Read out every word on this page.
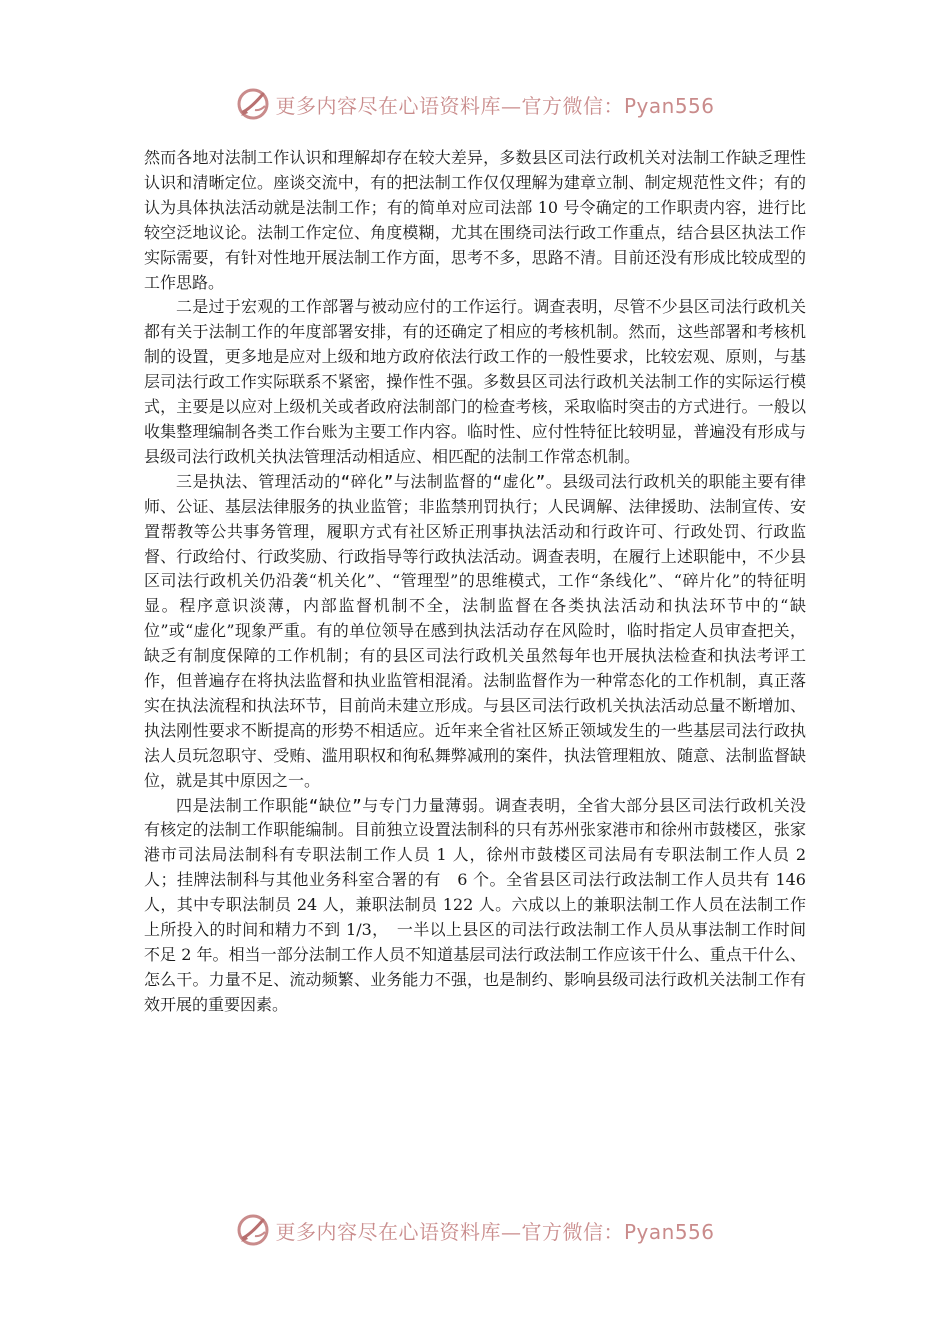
更多内容尽在心语资料库—官方微信：Pyan556

然而各地对法制工作认识和理解却存在较大差异，多数县区司法行政机关对法制工作缺乏理性认识和清晰定位。座谈交流中，有的把法制工作仅仅理解为建章立制、制定规范性文件；有的认为具体执法活动就是法制工作；有的简单对应司法部 10 号令确定的工作职责内容，进行比较空泛地议论。法制工作定位、角度模糊，尤其在围绕司法行政工作重点，结合县区执法工作实际需要，有针对性地开展法制工作方面，思考不多，思路不清。目前还没有形成比较成型的工作思路。

二是过于宏观的工作部署与被动应付的工作运行。调查表明，尽管不少县区司法行政机关都有关于法制工作的年度部署安排，有的还确定了相应的考核机制。然而，这些部署和考核机制的设置，更多地是应对上级和地方政府依法行政工作的一般性要求，比较宏观、原则，与基层司法行政工作实际联系不紧密，操作性不强。多数县区司法行政机关法制工作的实际运行模式，主要是以应对上级机关或者政府法制部门的检查考核，采取临时突击的方式进行。一般以收集整理编制各类工作台账为主要工作内容。临时性、应付性特征比较明显，普遍没有形成与县级司法行政机关执法管理活动相适应、相匹配的法制工作常态机制。

三是执法、管理活动的“碎化”与法制监督的“虚化”。县级司法行政机关的职能主要有律师、公证、基层法律服务的执业监管；非监禁刑罚执行；人民调解、法律援助、法制宣传、安置帮教等公共事务管理，履职方式有社区矫正刑事执法活动和行政许可、行政处罚、行政监督、行政给付、行政奖励、行政指导等行政执法活动。调查表明，在履行上述职能中，不少县区司法行政机关仍沿袭“机关化”、“管理型”的思维模式，工作“条线化”、“碎片化”的特征明显。程序意识淡薄，内部监督机制不全，法制监督在各类执法活动和执法环节中的“缺位”或“虚化”现象严重。有的单位领导在感到执法活动存在风险时，临时指定人员审查把关，缺乏有制度保障的工作机制；有的县区司法行政机关虽然每年也开展执法检查和执法考评工作，但普遍存在将执法监督和执业监管相混淆。法制监督作为一种常态化的工作机制，真正落实在执法流程和执法环节，目前尚未建立形成。与县区司法行政机关执法活动总量不断增加、执法刚性要求不断提高的形势不相适应。近年来全省社区矫正领域发生的一些基层司法行政执法人员玩忽职守、受贿、滥用职权和徇私舞弊减刑的案件，执法管理粗放、随意、法制监督缺位，就是其中原因之一。

四是法制工作职能“缺位”与专门力量薄弱。调查表明，全省大部分县区司法行政机关没有核定的法制工作职能编制。目前独立设置法制科的只有苏州张家港市和徐州市鼓楼区，张家港市司法局法制科有专职法制工作人员 1 人，徐州市鼓楼区司法局有专职法制工作人员 2 人；挂牌法制科与其他业务科室合署的有　6 个。全省县区司法行政法制工作人员共有 146 人，其中专职法制员 24 人，兼职法制员 122 人。六成以上的兼职法制工作人员在法制工作上所投入的时间和精力不到 1/3，　一半以上县区的司法行政法制工作人员从事法制工作时间不足 2 年。相当一部分法制工作人员不知道基层司法行政法制工作应该干什么、重点干什么、怎么干。力量不足、流动频繁、业务能力不强，也是制约、影响县级司法行政机关法制工作有效开展的重要因素。

更多内容尽在心语资料库—官方微信：Pyan556
